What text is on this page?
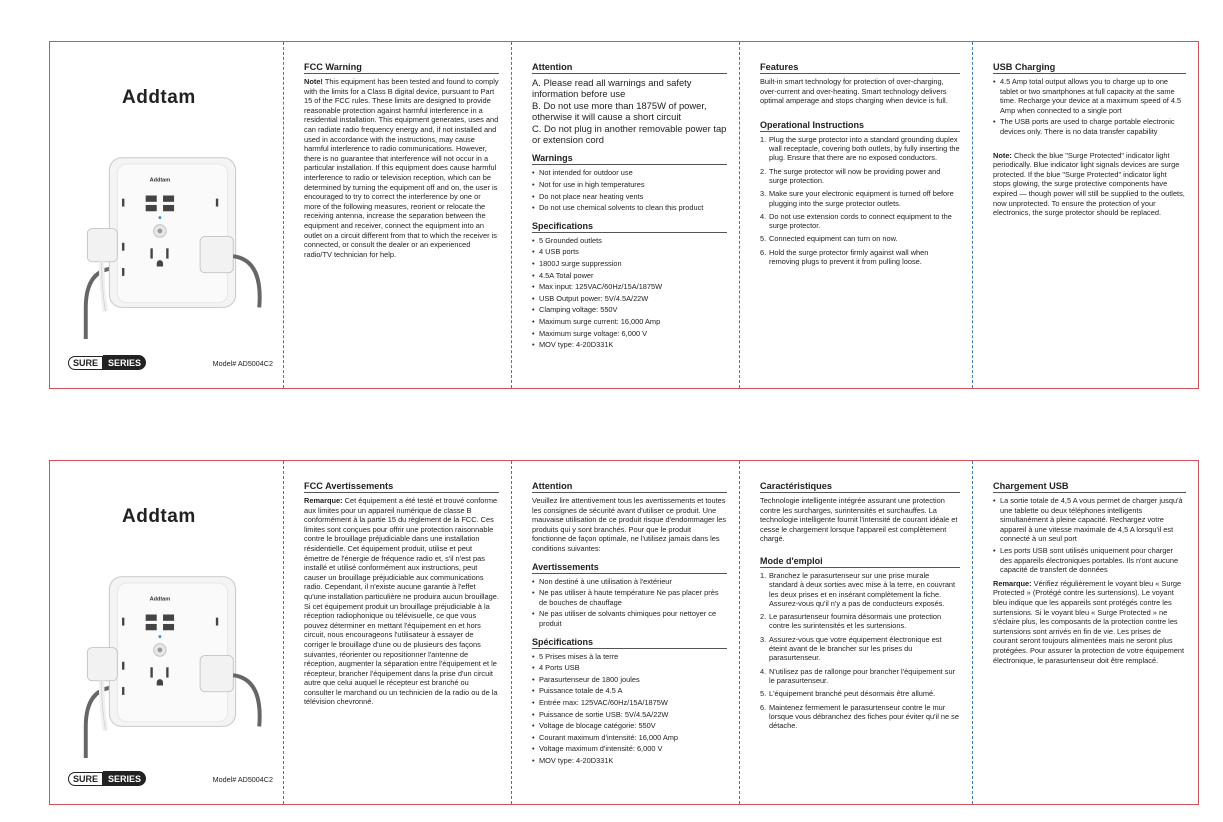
Addtam
Addtam
SURE	SERIES	Model# AD5004C2
FCC Warning

Note! This equipment has been tested and found to comply with the limits for a Class B digital device, pursuant to Part 15 of the FCC rules. These limits are designed to provide reasonable protection against harmful interference in a residential installation. This equipment generates, uses and can radiate radio frequency energy and, if not installed and used in accordance with the instructions, may cause harmful interference to radio communications. However, there is no guarantee that interference will not occur in a particular installation. If this equipment does cause harmful interference to radio or television reception, which can be determined by turning the equipment off and on, the user is encouraged to try to correct the interference by one or more of the following measures, reorient or relocate the receiving antenna, increase the separation between the equipment and receiver, connect the equipment into an outlet on a circuit different from that to which the receiver is connected, or consult the dealer or an experienced radio/TV technician for help.

Attention
A. Please read all warnings and safety information before use
B. Do not use more than 1875W of power, otherwise it will cause a short circuit
C. Do not plug in another removable power tap or extension cord
Warnings
• Not intended for outdoor use
• Not for use in high temperatures
• Do not place near heating vents
• Do not use chemical solvents to clean this product
Specifications
• 5 Grounded outlets
• 4 USB ports
• 1800J surge suppression
• 4.5A Total power
• Max input: 125VAC/60Hz/15A/1875W
• USB Output power: 5V/4.5A/22W
• Clamping voltage: 550V
• Maximum surge current: 16,000 Amp
• Maximum surge voltage: 6,000 V
• MOV type: 4-20D331K
Features
Built-in smart technology for protection of over-charging, over-current and over-heating. Smart technology delivers optimal amperage and stops charging when device is full.
Operational Instructions
1. Plug the surge protector into a standard grounding duplex wall receptacle, covering both outlets, by fully inserting the plug. Ensure that there are no exposed conductors.
2. The surge protector will now be providing power and surge protection.
3. Make sure your electronic equipment is turned off before plugging into the surge protector outlets.
4. Do not use extension cords to connect equipment to the surge protector.
5. Connected equipment can turn on now.
6. Hold the surge protector firmly against wall when removing plugs to prevent it from pulling loose.
USB Charging
• 4.5 Amp total output allows you to charge up to one tablet or two smartphones at full capacity at the same time. Recharge your device at a maximum speed of 4.5 Amp when connected to a single port
• The USB ports are used to charge portable electronic devices only. There is no data transfer capability
Note: Check the blue "Surge Protected" indicator light periodically. Blue indicator light signals devices are surge protected. If the blue "Surge Protected" indicator light stops glowing, the surge protective components have expired — though power will still be supplied to the outlets, now unprotected. To ensure the protection of your electronics, the surge protector should be replaced.
Addtam
Addtam
SURE	SERIES	Model# AD5004C2
FCC Avertissements

Remarque: Cet équipement a été testé et trouvé conforme aux limites pour un appareil numérique de classe B conformément à la partie 15 du règlement de la FCC. Ces limites sont conçues pour offrir une protection raisonnable contre le brouillage préjudiciable dans une installation résidentielle. Cet équipement produit, utilise et peut émettre de l'énergie de fréquence radio et, s'il n'est pas installé et utilisé conformément aux instructions, peut causer un brouillage préjudiciable aux communications radio. Cependant, il n'existe aucune garantie à l'effet qu'une installation particulière ne produira aucun brouillage. Si cet équipement produit un brouillage préjudiciable à la réception radiophonique ou télévisuelle, ce que vous pouvez déterminer en mettant l'équipement en et hors circuit, nous encourageons l'utilisateur à essayer de corriger le brouillage d'une ou de plusieurs des façons suivantes, réorienter ou repositionner l'antenne de réception, augmenter la séparation entre l'équipement et le récepteur, brancher l'équipement dans la prise d'un circuit autre que celui auquel le récepteur est branché ou consulter le marchand ou un technicien de la radio ou de la télévision chevronné.

Attention
Veuillez lire attentivement tous les avertissements et toutes les consignes de sécurité avant d'utiliser ce produit. Une mauvaise utilisation de ce produit risque d'endommager les produits qui y sont branchés. Pour que le produit fonctionne de façon optimale, ne l'utilisez jamais dans les conditions suivantes:
Avertissements
• Non destiné à une utilisation à l'extérieur
• Ne pas utiliser à haute température Ne pas placer près de bouches de chauffage
• Ne pas utiliser de solvants chimiques pour nettoyer ce produit
Spécifications
• 5 Prises mises à la terre
• 4 Ports USB
• Parasurtenseur de 1800 joules
• Puissance totale de 4.5 A
• Entrée max: 125VAC/60Hz/15A/1875W
• Puissance de sortie USB: 5V/4.5A/22W
• Voltage de blocage catégorie: 550V
• Courant maximum d'intensité: 16,000 Amp
• Voltage maximum d'intensité: 6,000 V
• MOV type: 4-20D331K
Caractéristiques
Technologie intelligente intégrée assurant une protection contre les surcharges, surintensités et surchauffes. La technologie intelligente fournit l'intensité de courant idéale et cesse le chargement lorsque l'appareil est complètement chargé.
Mode d'emploi
1. Branchez le parasurtenseur sur une prise murale standard à deux sorties avec mise à la terre, en couvrant les deux prises et en insérant complètement la fiche. Assurez-vous qu'il n'y a pas de conducteurs exposés.
2. Le parasurtenseur fournira désormais une protection contre les surintensités et les surtensions.
3. Assurez-vous que votre équipement électronique est éteint avant de le brancher sur les prises du parasurtenseur.
4. N'utilisez pas de rallonge pour brancher l'équipement sur le parasurtenseur.
5. L'équipement branché peut désormais être allumé.
6. Maintenez fermement le parasurtenseur contre le mur lorsque vous débranchez des fiches pour éviter qu'il ne se détache.
Chargement USB
• La sortie totale de 4,5 A vous permet de charger jusqu'à une tablette ou deux téléphones intelligents simultanément à pleine capacité. Rechargez votre appareil à une vitesse maximale de 4,5 A lorsqu'il est connecté à un seul port
• Les ports USB sont utilisés uniquement pour charger des appareils électroniques portables. Ils n'ont aucune capacité de transfert de données
Remarque: Vérifiez régulièrement le voyant bleu « Surge Protected » (Protégé contre les surtensions). Le voyant bleu indique que les appareils sont protégés contre les surtensions. Si le voyant bleu « Surge Protected » ne s'éclaire plus, les composants de la protection contre les surtensions sont arrivés en fin de vie. Les prises de courant seront toujours alimentées mais ne seront plus protégées. Pour assurer la protection de votre équipement électronique, le parasurtenseur doit être remplacé.
